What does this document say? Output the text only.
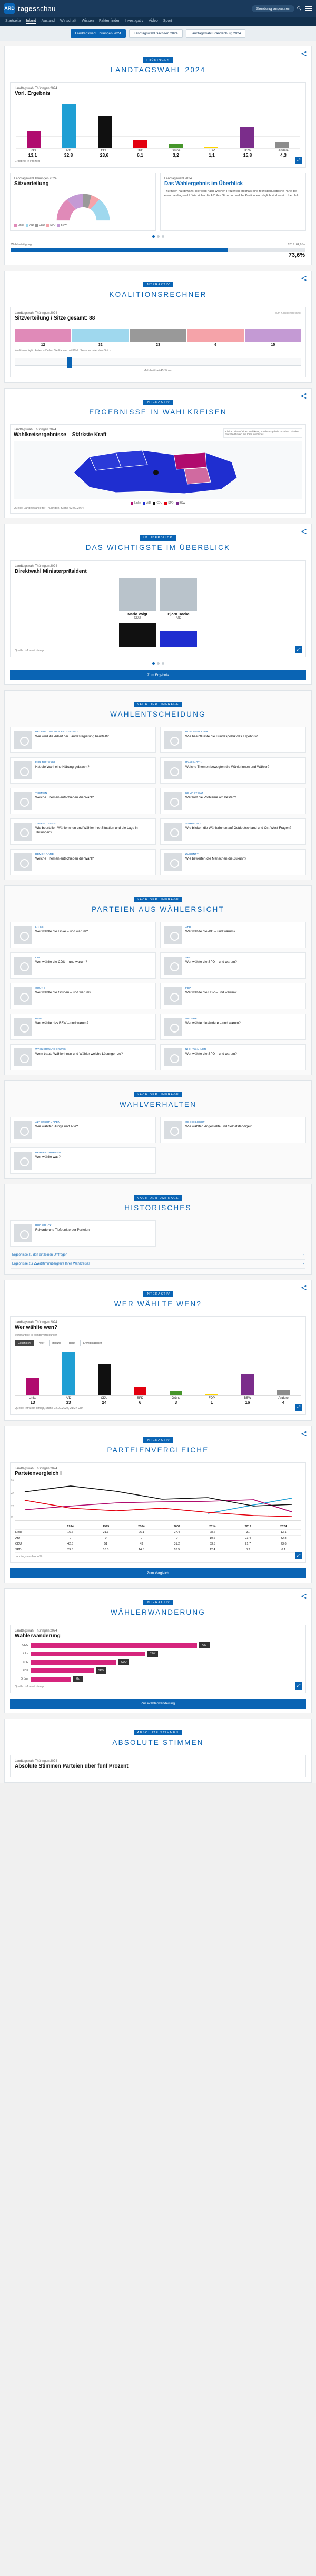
ARD tagesschau	Sendung anpassen
Startseite Inland Ausland Wirtschaft Wissen Faktenfinder Investigativ Video Sport
Landtagswahl Thüringen 2024	Landtagswahl Sachsen 2024	Landtagswahl Brandenburg 2024
THÜRINGEN
LANDTAGSWAHL 2024
Landtagswahl Thüringen 2024
Vorl. Ergebnis
Linke
13,1
AfD
32,8
CDU
23,6
SPD
6,1
Grüne
3,2
FDP
1,1
BSW
15,8
Andere
4,3
Ergebnis in Prozent	⤢
Landtagswahl Thüringen 2024
Sitzverteilung
Linke AfD CDU SPD BSW
Landtagswahl 2024
Das Wahlergebnis im Überblick
Thüringen hat gewählt. Hier liegt nach Wochen Prozenten erstmals eine rechtspopulistische Partei bei einer Landtagswahl. Wie sicher die AfD ihre Sitze und welche Koalitionen möglich sind — ein Überblick.
Wahlbeteiligung	2019: 64,9 %
73,6%
INTERAKTIV
KOALITIONSRECHNER
Landtagswahl Thüringen 2024
Sitzverteilung / Sitze gesamt: 88
Zum Koalitionsrechner
12	32	23	6	15
Koalitionsmöglichkeiten – Ziehen Sie Parteien mit Klick über oder unter dem Strich
Mehrheit bei 45 Sitzen
INTERAKTIV
ERGEBNISSE IN WAHLKREISEN
Landtagswahl Thüringen 2024
Wahlkreisergebnisse – Stärkste Kraft
Klicken Sie auf einen Wahlkreis, um das Ergebnis zu sehen. Mit dem Suchfeld finden Sie Ihren Wahlkreis.
Linke AfD CDU SPD BSW
Quelle: Landeswahlleiter Thüringen, Stand 02.09.2024
IM ÜBERBLICK
DAS WICHTIGSTE IM ÜBERBLICK
Landtagswahl Thüringen 2024
Direktwahl Ministerpräsident
Mario Voigt
CDU
Björn Höcke
AfD
Quelle: Infratest dimap	⤢
Zum Ergebnis
NACH DER UMFRAGE
WAHLENTSCHEIDUNG
BEDEUTUNG DER REGIERUNG
Wie wird die Arbeit der Landesregierung beurteilt?
BUNDESPOLITIK
Wie beeinflusste die Bundespolitik das Ergebnis?
FÜR DIE WAHL
Hat die Wahl eine Klärung gebracht?
WAHLMOTIV
Welche Themen bewegten die Wählerinnen und Wähler?
THEMEN
Welche Themen entschieden die Wahl?
KOMPETENZ
Wer löst die Probleme am besten?
ZUFRIEDENHEIT
Wie beurteilen Wählerinnen und Wähler ihre Situation und die Lage in Thüringen?
STIMMUNG
Wie blicken die Wählerinnen auf Ostdeutschland und Ost-West-Fragen?
DEMOKRATIE
Welche Themen entschieden die Wahl?
ZUKUNFT
Wie bewerten die Menschen die Zukunft?
NACH DER UMFRAGE
PARTEIEN AUS WÄHLERSICHT
LINKE
Wer wählte die Linke – und warum?
AFD
Wer wählte die AfD – und warum?
CDU
Wer wählte die CDU – und warum?
SPD
Wer wählte die SPD – und warum?
GRÜNE
Wer wählte die Grünen – und warum?
FDP
Wer wählte die FDP – und warum?
BSW
Wer wählte das BSW – und warum?
ANDERE
Wer wählte die Andere – und warum?
WÄHLERWANDERUNG
Wem traute Wählerinnen und Wähler welche Lösungen zu?
NICHTWÄHLER
Wer wählte die SPD – und warum?
NACH DER UMFRAGE
WAHLVERHALTEN
ALTERSGRUPPEN
Wie wählten Junge und Alte?
GESCHLECHT
Wie wählten Angestellte und Selbstständige?
BERUFSGRUPPEN
Wer wählte was?
NACH DER UMFRAGE
HISTORISCHES
RÜCKBLICK
Rekorde und Tiefpunkte der Parteien
Ergebnisse zu den einzelnen Umfragen	›
Ergebnisse zur Zweitstimmübergreife Ihres Wahlkreises	›
INTERAKTIV
WER WÄHLTE WEN?
Landtagswahl Thüringen 2024
Wer wählte wen?
Stimmanteile in Wahlbevorzugungen
Geschlecht	Alter	Bildung	Beruf	Erwerbstätigkeit
Linke
13
AfD
33
CDU
24
SPD
6
Grüne
3
FDP
1
BSW
16
Andere
4
Quelle: Infratest dimap, Stand 02.09.2024, 21:27 Uhr	⤢
INTERAKTIV
PARTEIENVERGLEICHE
Landtagswahl Thüringen 2024
Parteienvergleich I
60
40
20
0
	1994	1999	2004	2009	2014	2019	2024
Linke	16.6	21.3	26.1	27.4	28.2	31	13.1
AfD	0	0	0	0	10.6	23.4	32.8
CDU	42.6	51	43	31.2	33.5	21.7	23.6
SPD	29.6	18.5	14.5	18.5	12.4	8.2	6.1
Landtagswahlen in %	⤢
Zum Vergleich
INTERAKTIV
WÄHLERWANDERUNG
Landtagswahl Thüringen 2024
Wählerwanderung
CDU	AfD
Linke	BSW
SPD	CDU
FDP	SPD
Grüne	Gr.
Quelle: Infratest dimap	⤢
Zur Wählerwanderung
ABSOLUTE STIMMEN
ABSOLUTE STIMMEN
Landtagswahl Thüringen 2024
Absolute Stimmen Parteien über fünf Prozent
